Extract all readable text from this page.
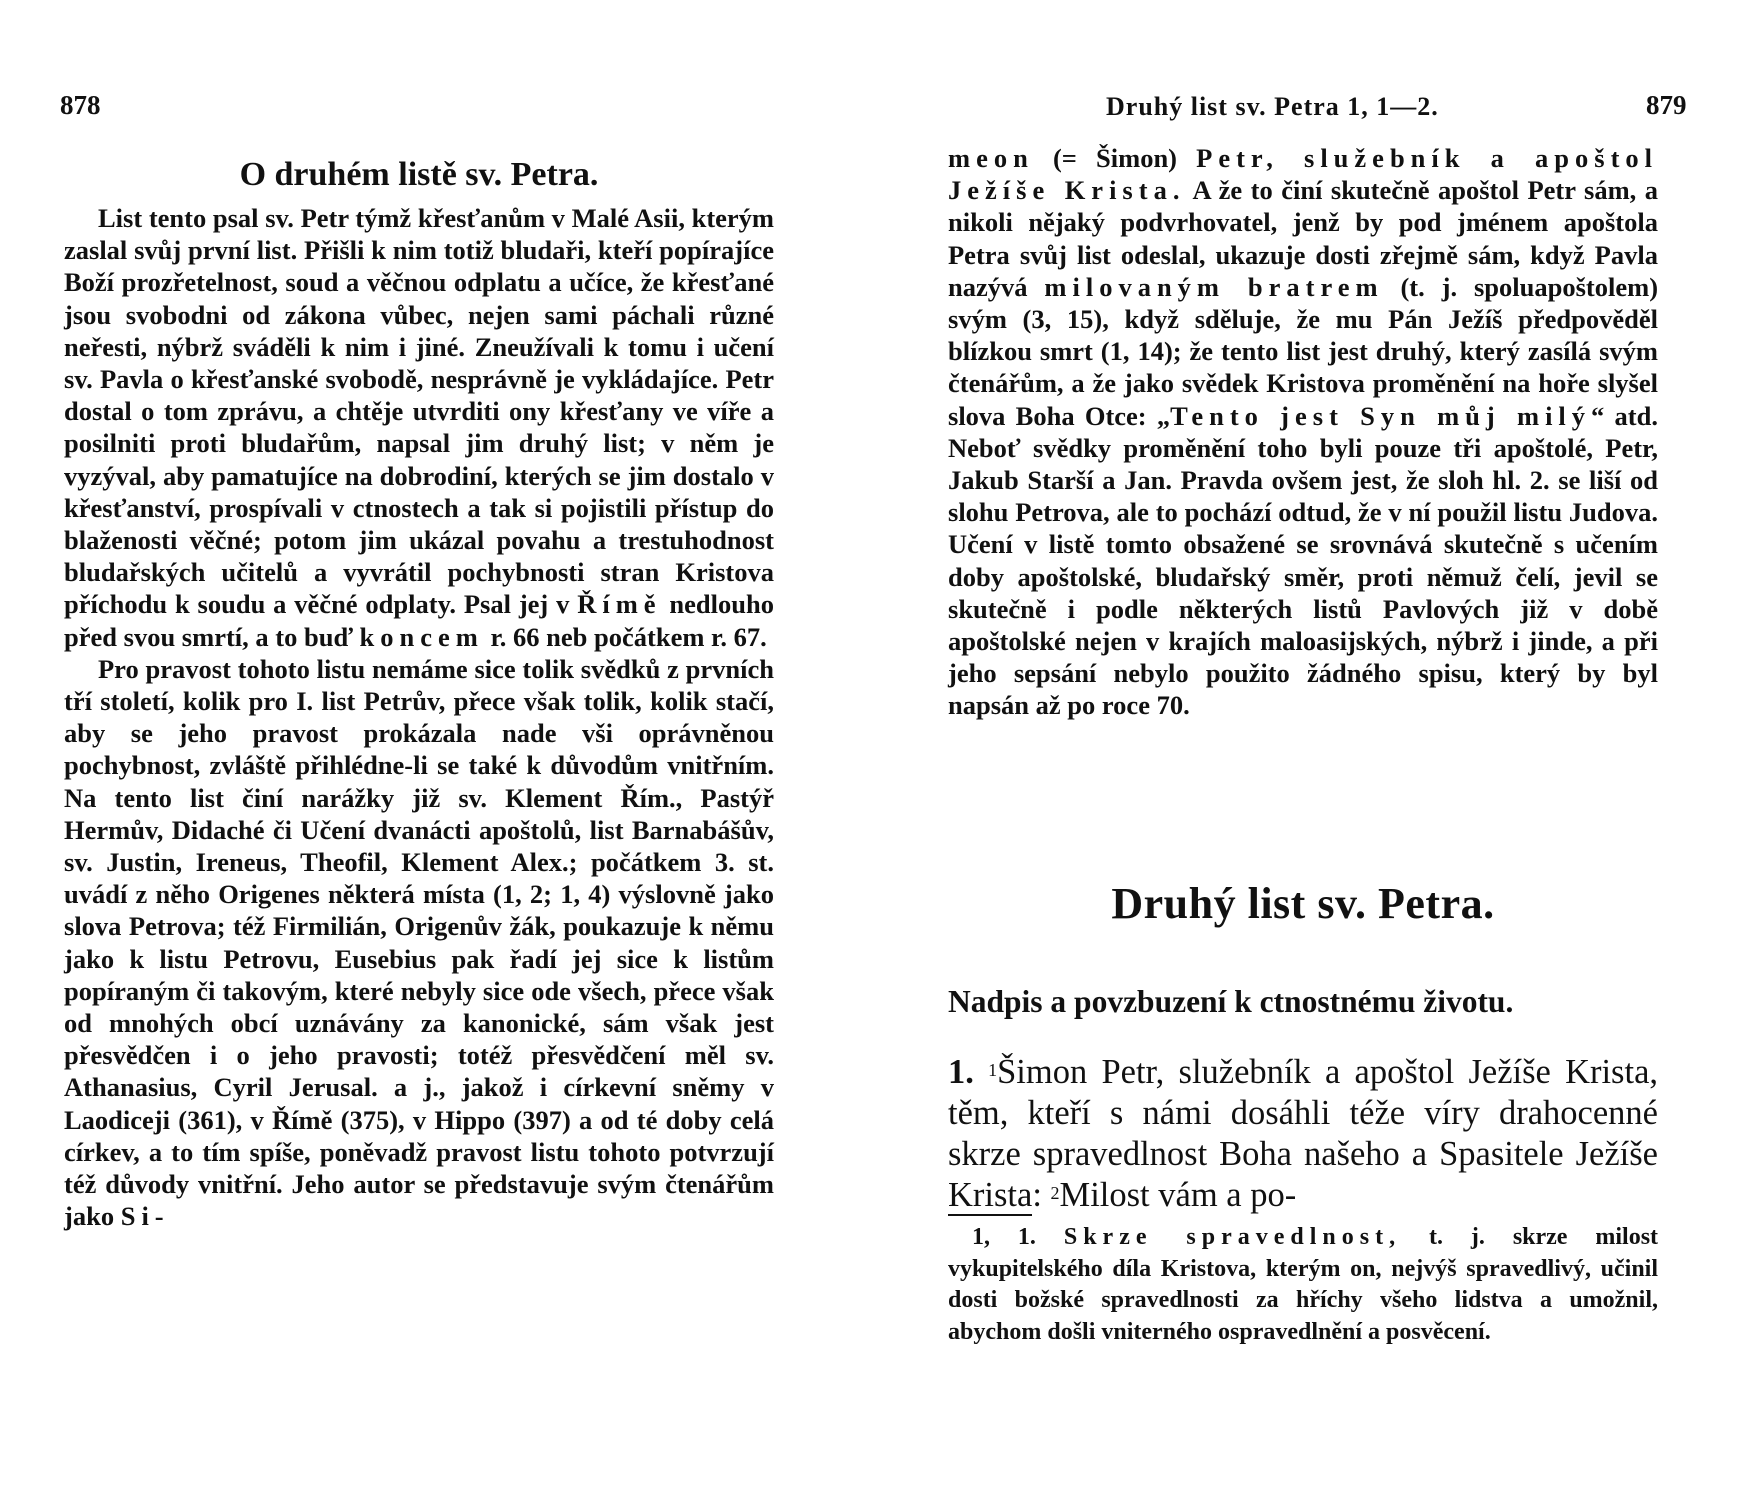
878
O druhém listě sv. Petra.

List tento psal sv. Petr týmž křesťanům v Malé Asii, kterým zaslal svůj první list. Přišli k nim totiž bludaři, kteří popírajíce Boží prozřetelnost, soud a věčnou odplatu a učíce, že křesťané jsou svobodni od zákona vůbec, nejen sami páchali různé neřesti, nýbrž sváděli k nim i jiné. Zneužívali k tomu i učení sv. Pavla o křesťanské svobodě, nesprávně je vykládajíce. Petr dostal o tom zprávu, a chtěje utvrditi ony křesťany ve víře a posilniti proti bludařům, napsal jim druhý list; v něm je vyzýval, aby pamatujíce na dobrodiní, kterých se jim dostalo v křesťanství, prospívali v ctnostech a tak si pojistili přístup do blaženosti věčné; potom jim ukázal povahu a trestuhodnost bludařských učitelů a vyvrátil pochybnosti stran Kristova příchodu k soudu a věčné odplaty. Psal jej v Římě nedlouho před svou smrtí, a to buď koncem r. 66 neb počátkem r. 67.

Pro pravost tohoto listu nemáme sice tolik svědků z prvních tří století, kolik pro I. list Petrův, přece však tolik, kolik stačí, aby se jeho pravost prokázala nade vši oprávněnou pochybnost, zvláště přihlédne-li se také k důvodům vnitřním. Na tento list činí narážky již sv. Klement Řím., Pastýř Hermův, Didaché či Učení dvanácti apoštolů, list Barnabášův, sv. Justin, Ireneus, Theofil, Klement Alex.; počátkem 3. st. uvádí z něho Origenes některá místa (1, 2; 1, 4) výslovně jako slova Petrova; též Firmilián, Origenův žák, poukazuje k němu jako k listu Petrovu, Eusebius pak řadí jej sice k listům popíraným či takovým, které nebyly sice ode všech, přece však od mnohých obcí uznávány za kanonické, sám však jest přesvědčen i o jeho pravosti; totéž přesvědčení měl sv. Athanasius, Cyril Jerusal. a j., jakož i církevní sněmy v Laodiceji (361), v Římě (375), v Hippo (397) a od té doby celá církev, a to tím spíše, poněvadž pravost listu tohoto potvrzují též důvody vnitřní. Jeho autor se představuje svým čtenářům jako Si-

Druhý list sv. Petra 1, 1—2.	879

meon (= Šimon) Petr, služebník a apoštol Ježíše Krista. A že to činí skutečně apoštol Petr sám, a nikoli nějaký podvrhovatel, jenž by pod jménem apoštola Petra svůj list odeslal, ukazuje dosti zřejmě sám, když Pavla nazývá milovaným bratrem (t. j. spoluapoštolem) svým (3, 15), když sděluje, že mu Pán Ježíš předpověděl blízkou smrt (1, 14); že tento list jest druhý, který zasílá svým čtenářům, a že jako svědek Kristova proměnění na hoře slyšel slova Boha Otce: „Tento jest Syn můj milý“ atd. Neboť svědky proměnění toho byli pouze tři apoštolé, Petr, Jakub Starší a Jan. Pravda ovšem jest, že sloh hl. 2. se liší od slohu Petrova, ale to pochází odtud, že v ní použil listu Judova. Učení v listě tomto obsažené se srovnává skutečně s učením doby apoštolské, bludařský směr, proti němuž čelí, jevil se skutečně i podle některých listů Pavlových již v době apoštolské nejen v krajích maloasijských, nýbrž i jinde, a při jeho sepsání nebylo použito žádného spisu, který by byl napsán až po roce 70.

Druhý list sv. Petra.
Nadpis a povzbuzení k ctnostnému životu.
1. $^1$Šimon Petr, služebník a apoštol Ježíše Krista, těm, kteří s námi dosáhli téže víry drahocenné skrze spravedlnost Boha našeho a Spasitele Ježíše Krista: $^2$Milost vám a po-
 1, 1. Skrze spravedlnost, t. j. skrze milost vykupitelského díla Kristova, kterým on, nejvýš spravedlivý, učinil dosti božské spravedlnosti za hříchy všeho lidstva a umožnil, abychom došli vniterného ospravedlnění a posvěcení.
